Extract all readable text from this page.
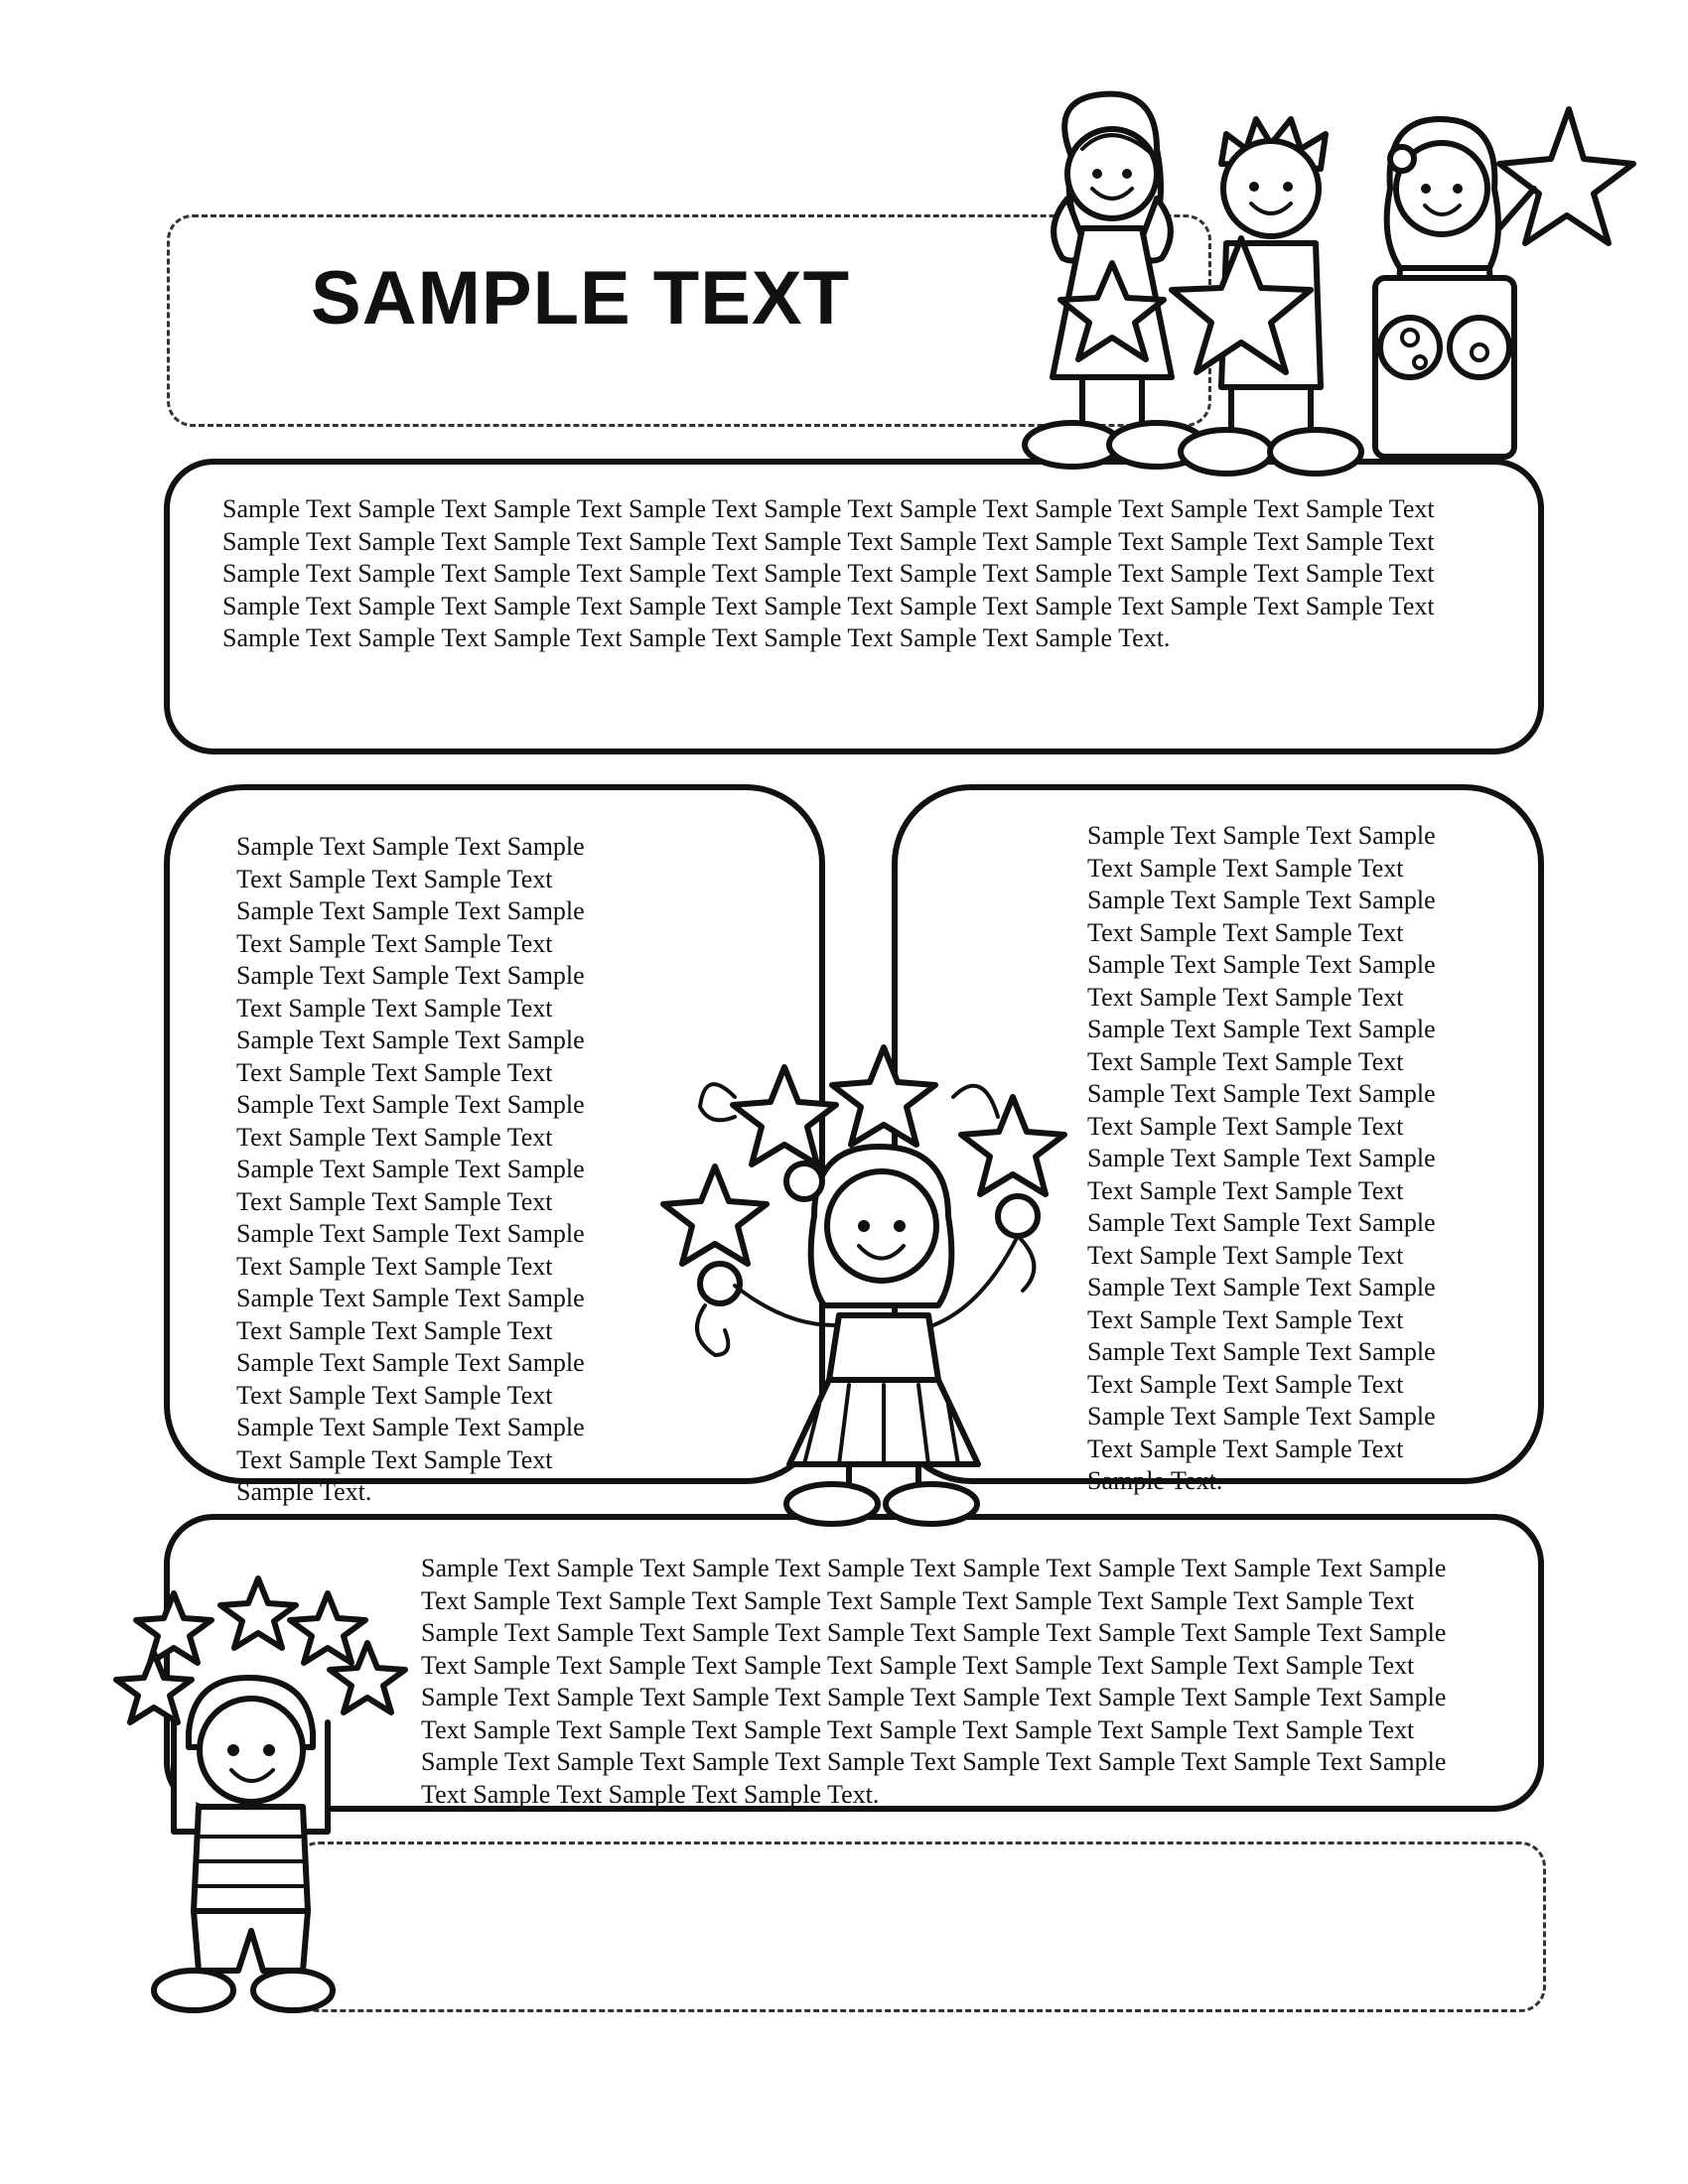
SAMPLE TEXT

Sample Text Sample Text Sample Text Sample Text Sample Text Sample Text Sample Text Sample Text Sample Text Sample Text Sample Text Sample Text Sample Text Sample Text Sample Text Sample Text Sample Text Sample Text Sample Text Sample Text Sample Text Sample Text Sample Text Sample Text Sample Text Sample Text Sample Text Sample Text Sample Text Sample Text Sample Text Sample Text Sample Text Sample Text Sample Text Sample Text Sample Text Sample Text Sample Text Sample Text Sample Text Sample Text Sample Text.

Sample Text Sample Text Sample Text Sample Text Sample Text Sample Text Sample Text Sample Text Sample Text Sample Text Sample Text Sample Text Sample Text Sample Text Sample Text Sample Text Sample Text Sample Text Sample Text Sample Text Sample Text Sample Text Sample Text Sample Text Sample Text Sample Text Sample Text Sample Text Sample Text Sample Text Sample Text Sample Text Sample Text Sample Text Sample Text Sample Text Sample Text Sample Text Sample Text Sample Text Sample Text Sample Text Sample Text Sample Text Sample Text Sample Text Sample Text Sample Text Sample Text Sample Text Sample Text.

Sample Text Sample Text Sample Text Sample Text Sample Text Sample Text Sample Text Sample Text Sample Text Sample Text Sample Text Sample Text Sample Text Sample Text Sample Text Sample Text Sample Text Sample Text Sample Text Sample Text Sample Text Sample Text Sample Text Sample Text Sample Text Sample Text Sample Text Sample Text Sample Text Sample Text Sample Text Sample Text Sample Text Sample Text Sample Text Sample Text Sample Text Sample Text Sample Text Sample Text Sample Text Sample Text Sample Text Sample Text Sample Text Sample Text Sample Text Sample Text Sample Text Sample Text Sample Text.

Sample Text Sample Text Sample Text Sample Text Sample Text Sample Text Sample Text Sample Text Sample Text Sample Text Sample Text Sample Text Sample Text Sample Text Sample Text Sample Text Sample Text Sample Text Sample Text Sample Text Sample Text Sample Text Sample Text Sample Text Sample Text Sample Text Sample Text Sample Text Sample Text Sample Text Sample Text Sample Text Sample Text Sample Text Sample Text Sample Text Sample Text Sample Text Sample Text Sample Text Sample Text Sample Text Sample Text Sample Text Sample Text Sample Text Sample Text Sample Text Sample Text Sample Text Sample Text Sample Text Sample Text Sample Text Sample Text Sample Text.
